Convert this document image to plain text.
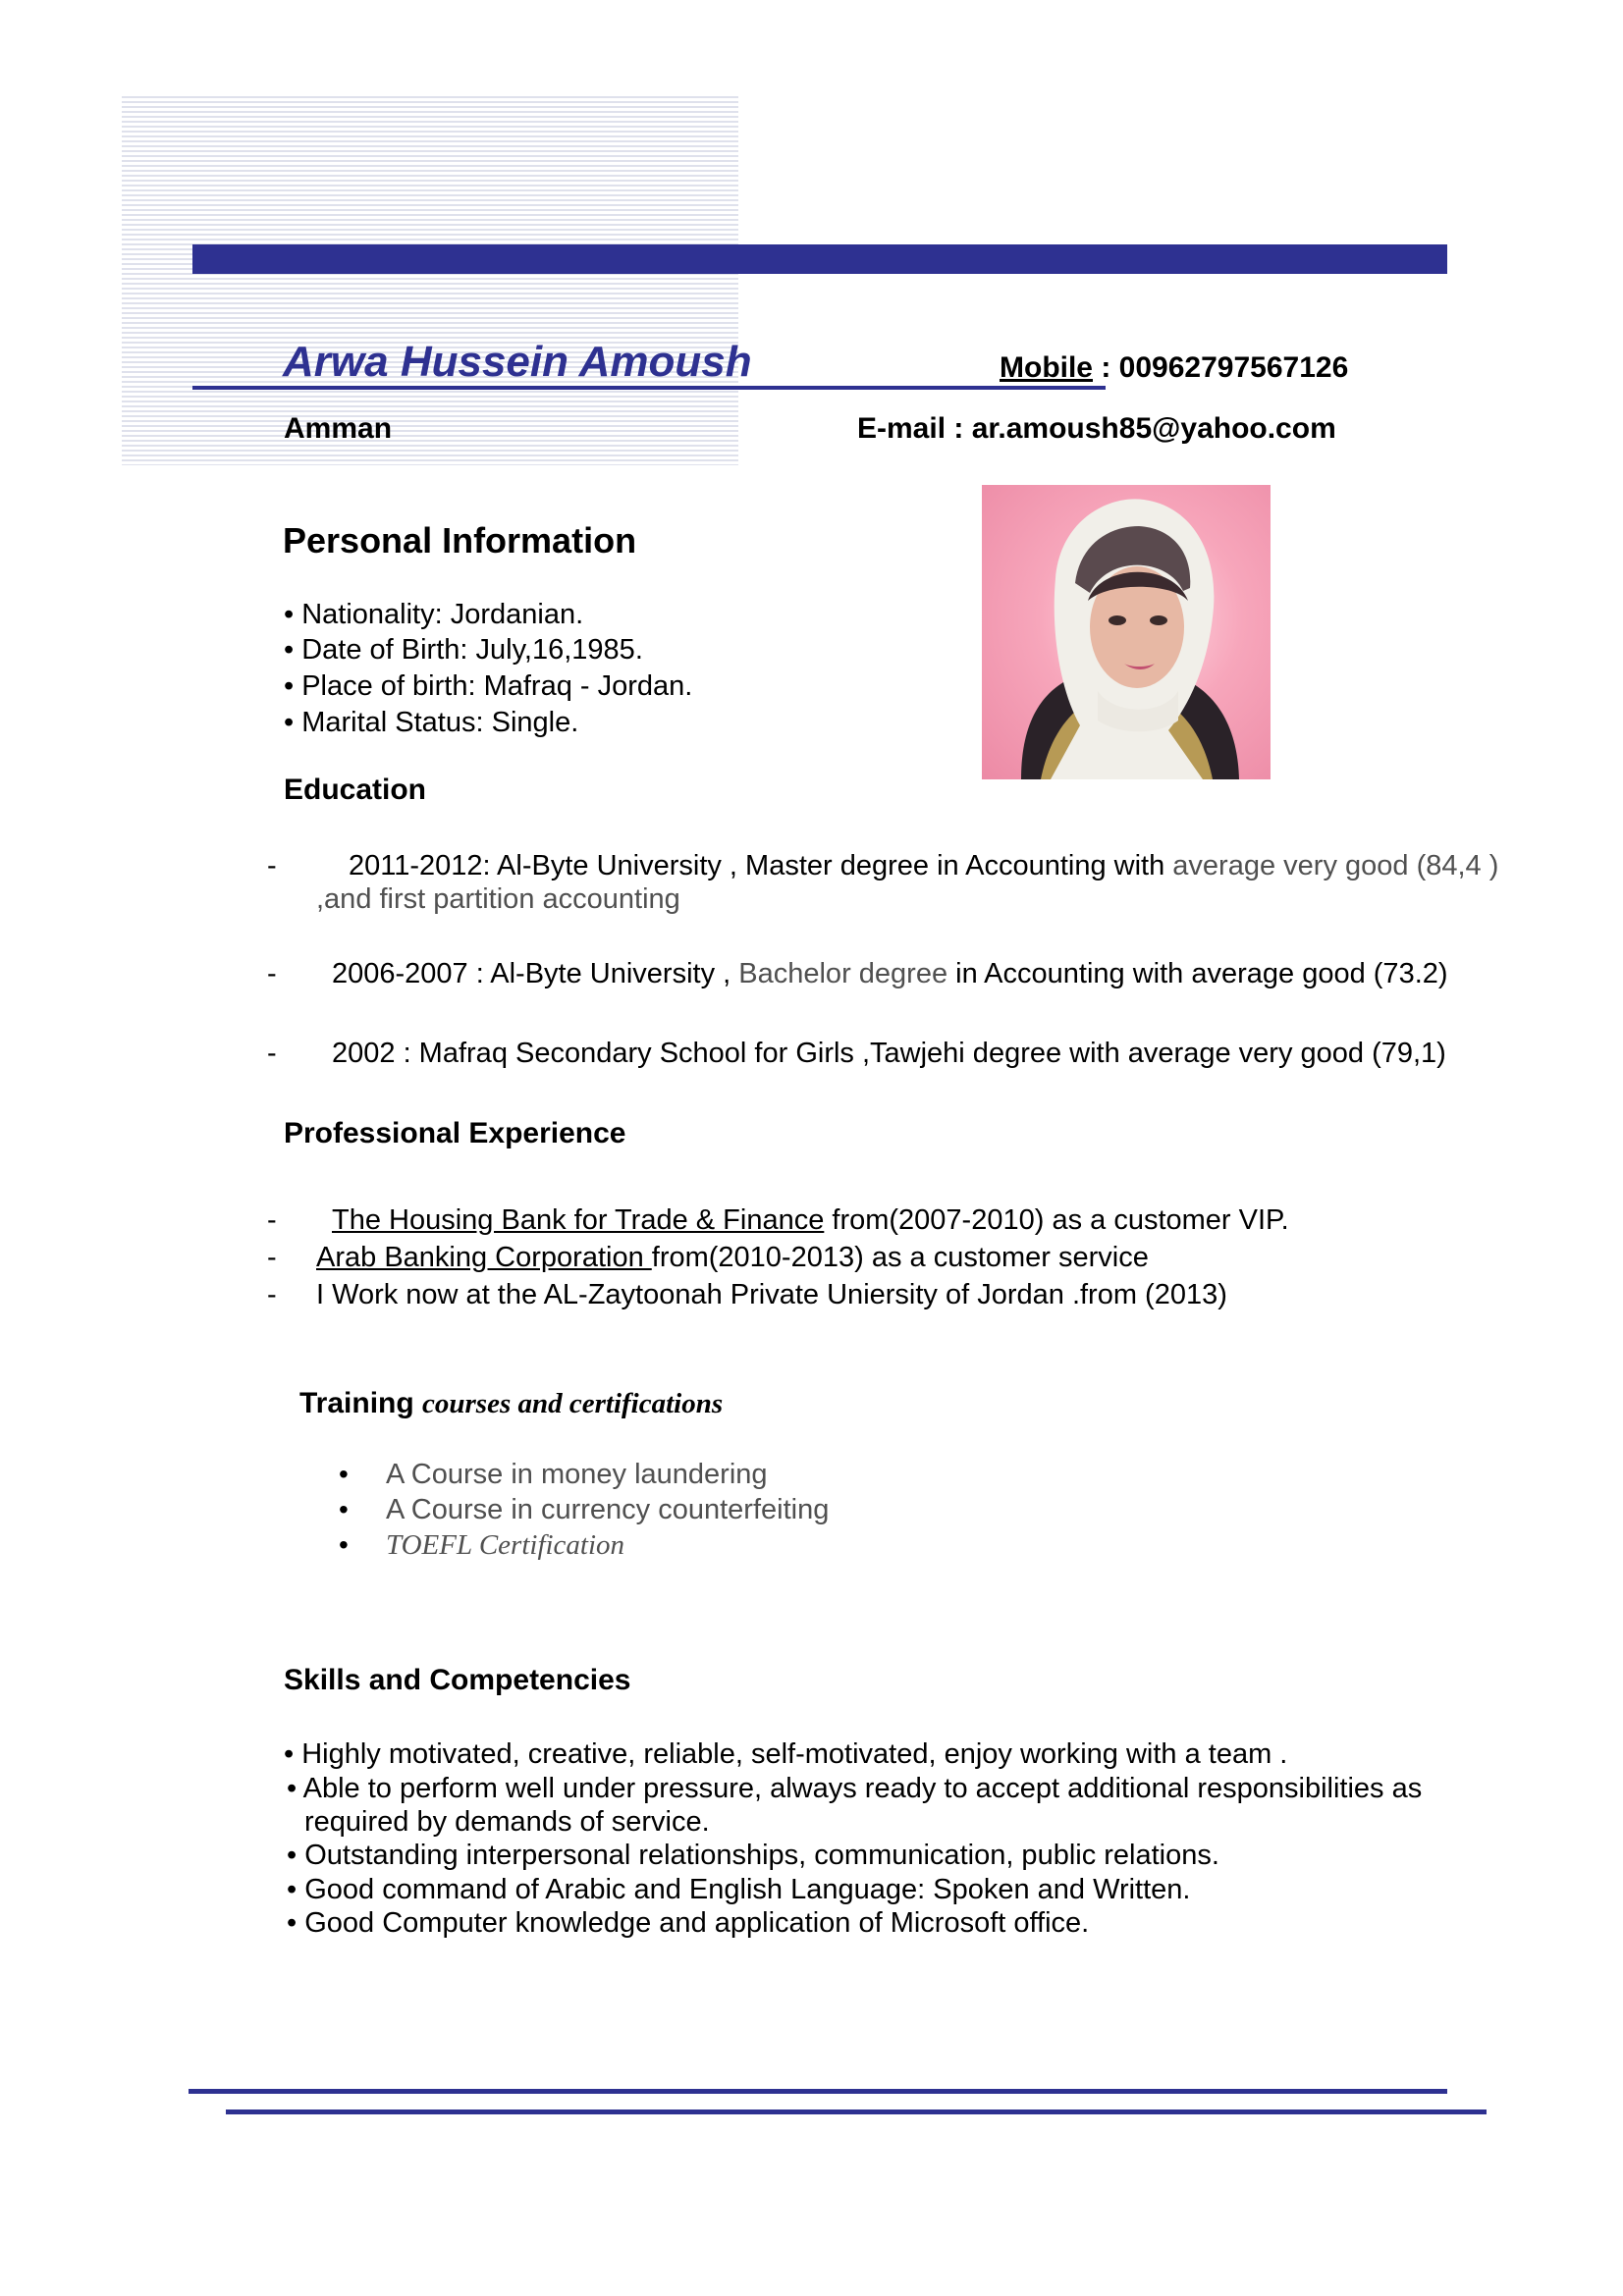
Arwa Hussein Amoush	Mobile : 00962797567126
Amman	E-mail : ar.amoush85@yahoo.com
Personal Information
• Nationality: Jordanian.
• Date of Birth: July,16,1985.
• Place of birth: Mafraq - Jordan.
• Marital Status: Single.
Education
-	2011-2012: Al-Byte University , Master degree in Accounting with average very good (84,4 )
,and first partition accounting
- 2006-2007 : Al-Byte University , Bachelor degree in Accounting with average good (73.2)
- 2002 : Mafraq Secondary School for Girls ,Tawjehi degree with average very good (79,1)
Professional Experience
- The Housing Bank for Trade & Finance from(2007-2010) as a customer VIP.
- Arab Banking Corporation from(2010-2013) as a customer service
- I Work now at the AL-Zaytoonah Private Uniersity of Jordan .from (2013)
Training courses and certifications
• A Course in money laundering
• A Course in currency counterfeiting
• TOEFL Certification
Skills and Competencies
• Highly motivated, creative, reliable, self-motivated, enjoy working with a team .
• Able to perform well under pressure, always ready to accept additional responsibilities as
required by demands of service.
• Outstanding interpersonal relationships, communication, public relations.
• Good command of Arabic and English Language: Spoken and Written.
• Good Computer knowledge and application of Microsoft office.
